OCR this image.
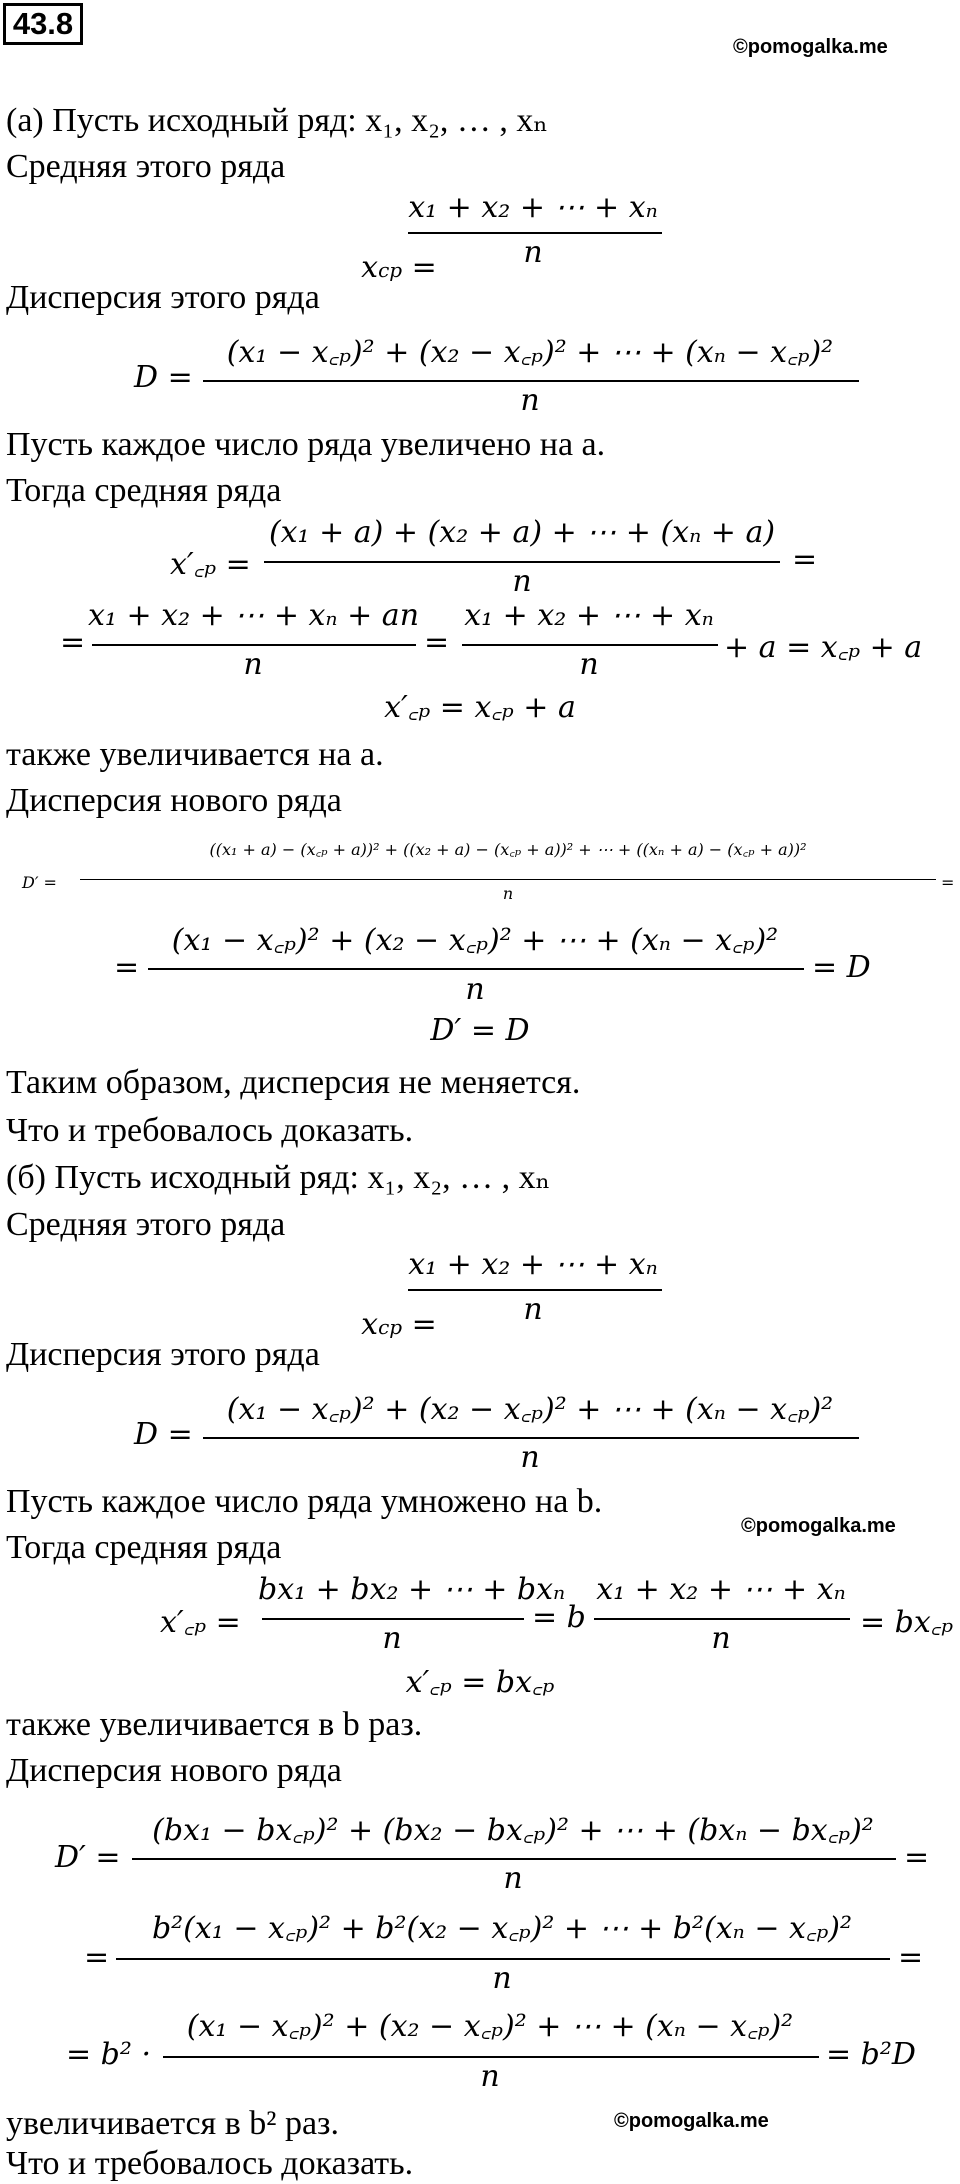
43.8
©pomogalka.me
(а) Пусть исходный ряд: x₁, x₂, … , xₙ
Средняя этого ряда

xcp =

x₁ + x₂ + ⋯ + xₙ
n
Дисперсия этого ряда
D =
(x₁ − x꜀ₚ)² + (x₂ − x꜀ₚ)² + ⋯ + (xₙ − x꜀ₚ)²
n
Пусть каждое число ряда увеличено на a.
Тогда средняя ряда
x′꜀ₚ =
(x₁ + a) + (x₂ + a) + ⋯ + (xₙ + a)
n
=
=
x₁ + x₂ + ⋯ + xₙ + an
n
=
x₁ + x₂ + ⋯ + xₙ
n	+ a = x꜀ₚ + a
x′꜀ₚ = x꜀ₚ + a
также увеличивается на a.
Дисперсия нового ряда
D′ =
((x₁ + a) − (x꜀ₚ + a))² + ((x₂ + a) − (x꜀ₚ + a))² + ⋯ + ((xₙ + a) − (x꜀ₚ + a))²
n
=
=
(x₁ − x꜀ₚ)² + (x₂ − x꜀ₚ)² + ⋯ + (xₙ − x꜀ₚ)²
n
= D
D′ = D
Таким образом, дисперсия не меняется.
Что и требовалось доказать.
(б) Пусть исходный ряд: x₁, x₂, … , xₙ
Средняя этого ряда

xcp =

x₁ + x₂ + ⋯ + xₙ
n
Дисперсия этого ряда
D =
(x₁ − x꜀ₚ)² + (x₂ − x꜀ₚ)² + ⋯ + (xₙ − x꜀ₚ)²
n
Пусть каждое число ряда умножено на b.
©pomogalka.me
Тогда средняя ряда
x′꜀ₚ =
bx₁ + bx₂ + ⋯ + bxₙ
n
= b
x₁ + x₂ + ⋯ + xₙ
n	= bx꜀ₚ
x′꜀ₚ = bx꜀ₚ
также увеличивается в b раз.
Дисперсия нового ряда
D′ =
(bx₁ − bx꜀ₚ)² + (bx₂ − bx꜀ₚ)² + ⋯ + (bxₙ − bx꜀ₚ)²
n
=
=
b²(x₁ − x꜀ₚ)² + b²(x₂ − x꜀ₚ)² + ⋯ + b²(xₙ − x꜀ₚ)²
n
=
= b² ·
(x₁ − x꜀ₚ)² + (x₂ − x꜀ₚ)² + ⋯ + (xₙ − x꜀ₚ)²
n
= b²D
увеличивается в b² раз.	©pomogalka.me
Что и требовалось доказать.
